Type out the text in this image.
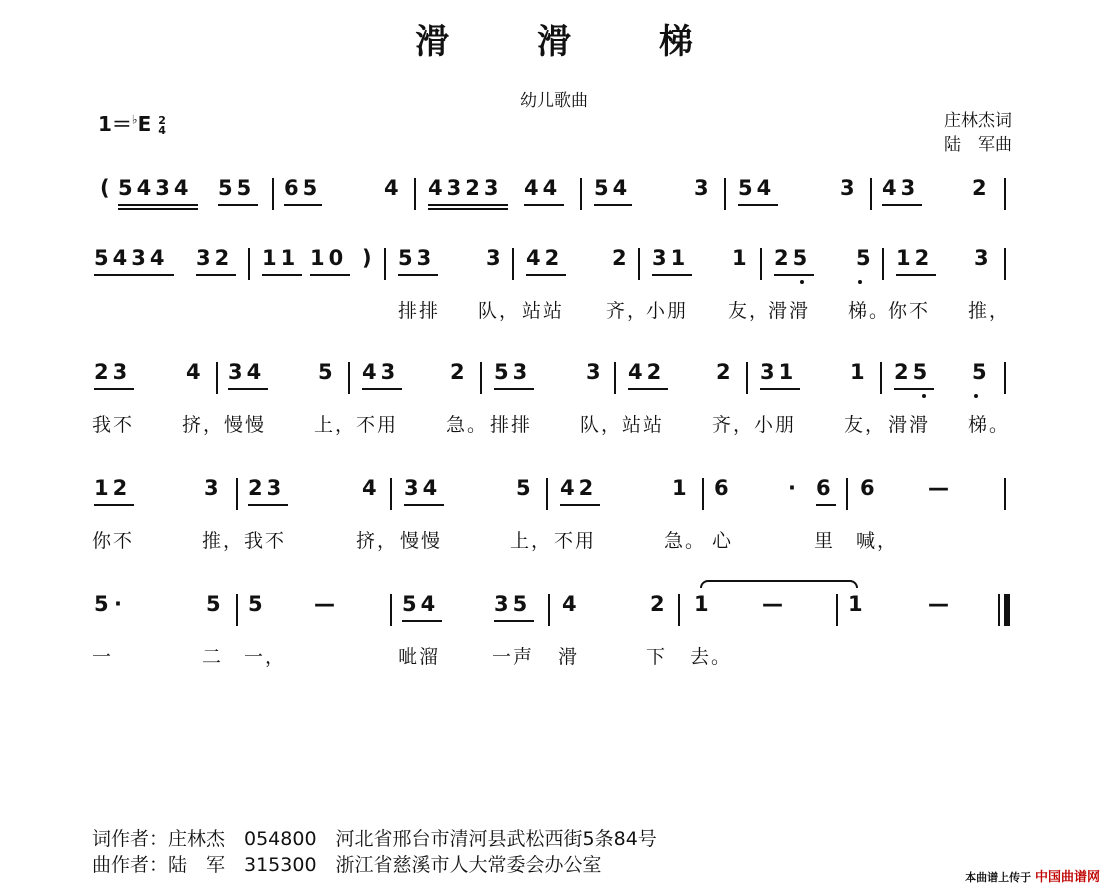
滑 滑 梯
幼儿歌曲
1＝♭E 2
4	庄林杰词
陆　军曲
( 5434 55 65	4 4323 44 54	3 54	3 43	2
5434 32 11 10 ) 53 3 42 2 31 1 25 5 12 3
排排 队， 站站 齐，
小朋 友，
滑滑 梯。
你不 推，
23	4 34	5 43 2 53	3 42 2 31	1 25 5
我不	挤， 慢慢	上， 不用	急。 排排	队， 站站	齐， 小朋	友， 滑滑 梯。
12	3 23	4 34	5 42	1 6	· 6 6 —
你不	推， 我不	挤， 慢慢	上， 不用	急。 心	里 喊，
5 ·	5 5 —	54	35 4	2 1 —	1	—
一	二 一，	呲溜	一声 滑	下 去。
词作者：庄林杰　054800　河北省邢台市清河县武松西街5条84号
曲作者：陆　军　315300　浙江省慈溪市人大常委会办公室
本曲谱上传于 中国曲谱网
